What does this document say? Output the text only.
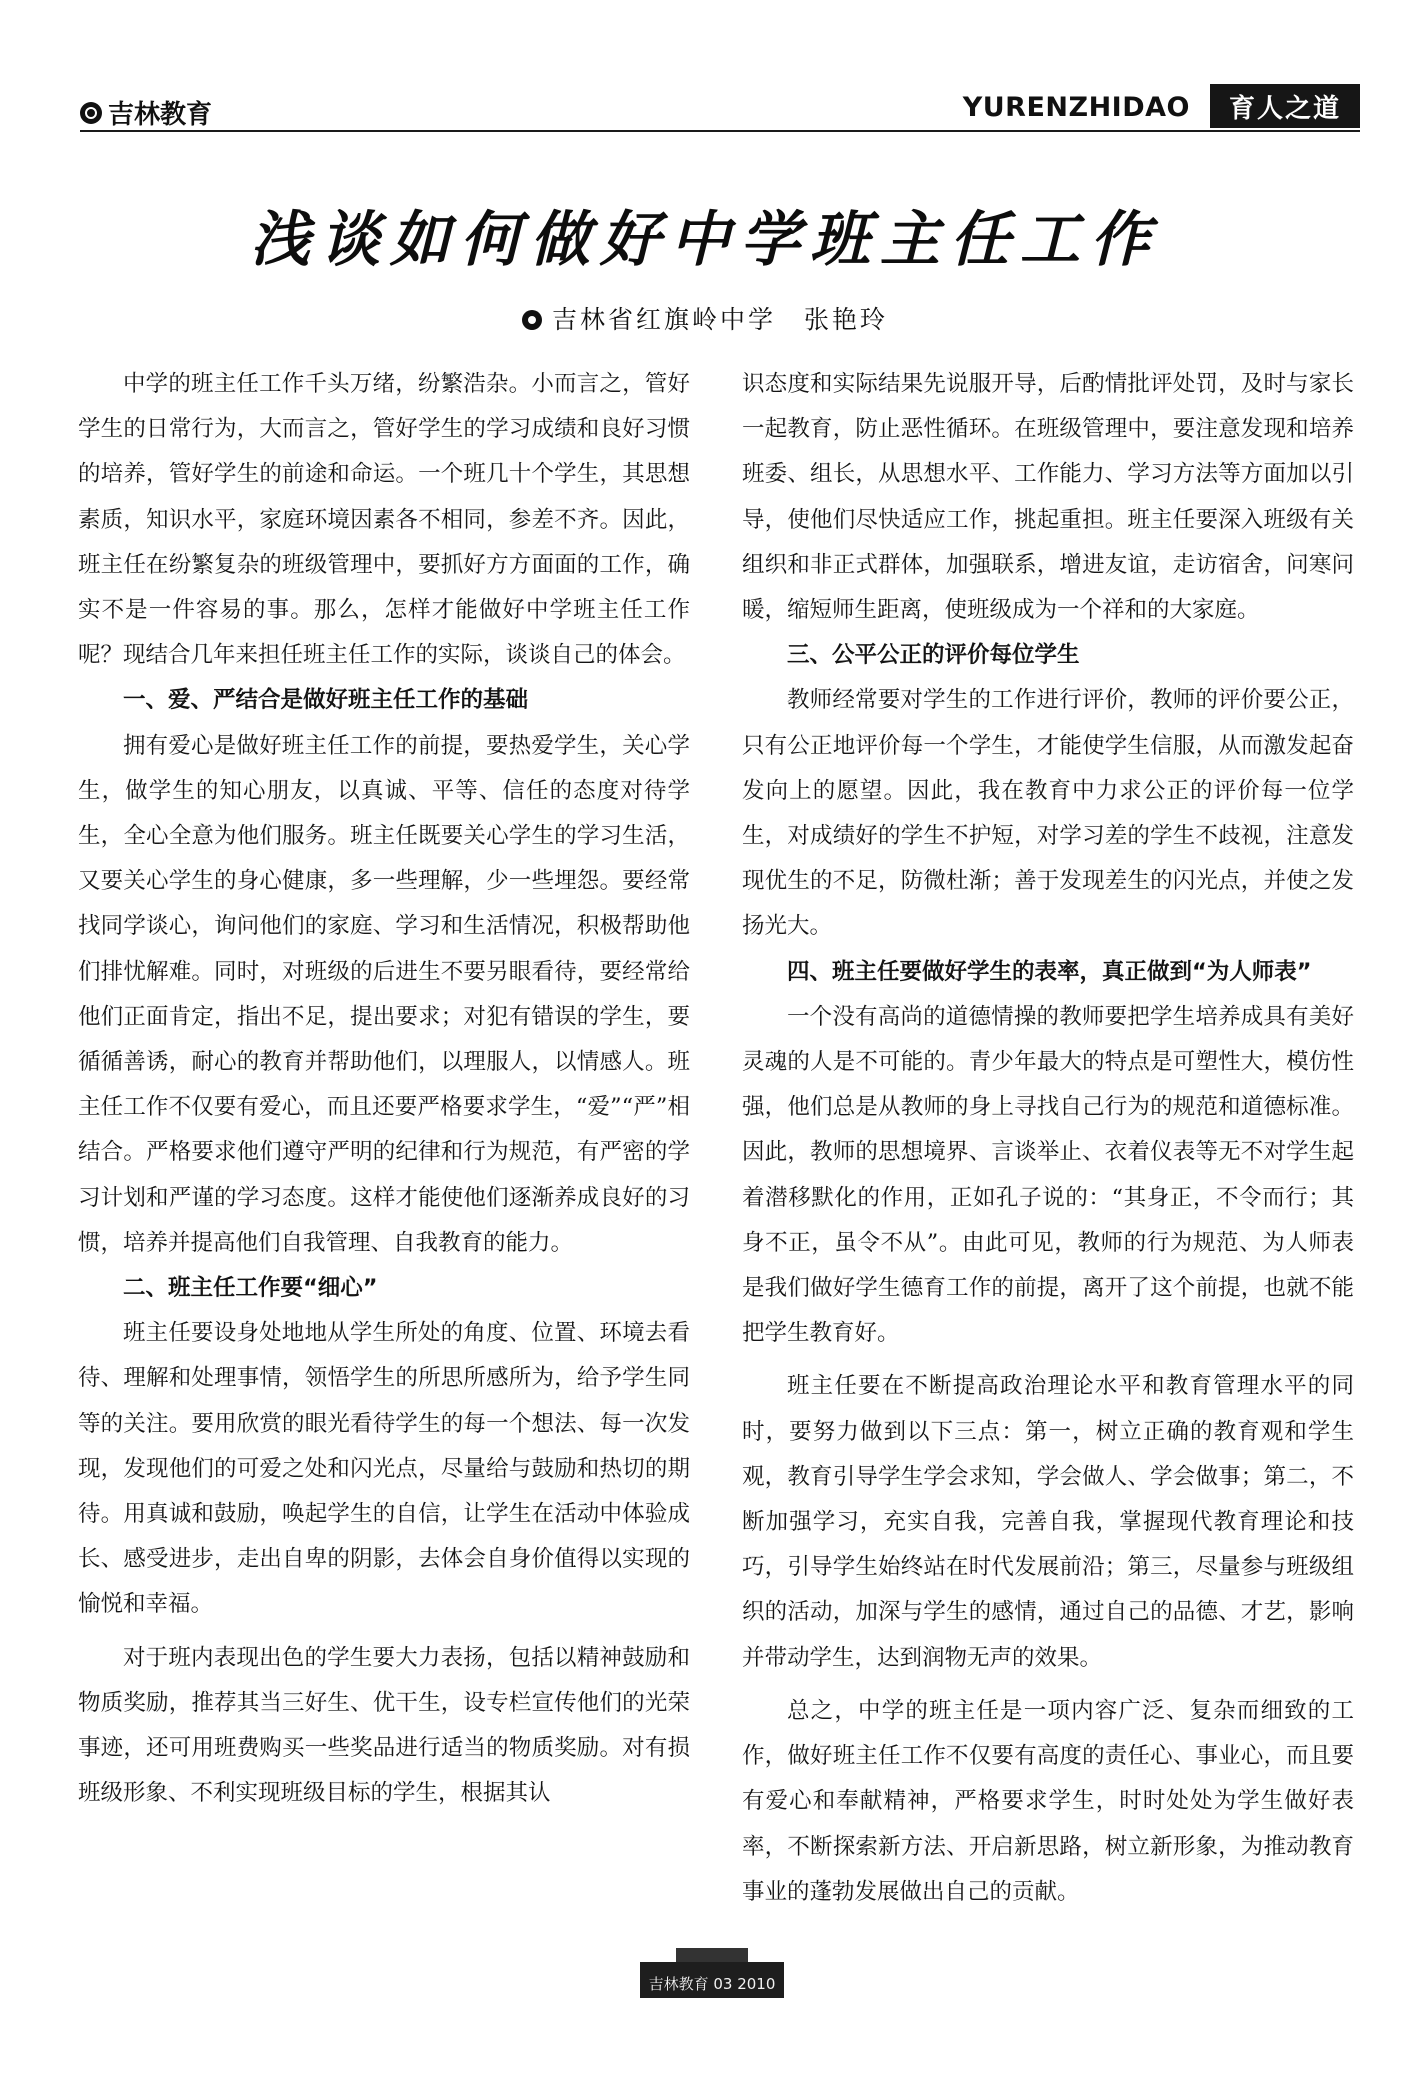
吉林教育	YURENZHIDAO	育人之道
浅谈如何做好中学班主任工作
吉林省红旗岭中学 张艳玲

中学的班主任工作千头万绪，纷繁浩杂。小而言之，管好学生的日常行为，大而言之，管好学生的学习成绩和良好习惯的培养，管好学生的前途和命运。一个班几十个学生，其思想素质，知识水平，家庭环境因素各不相同，参差不齐。因此，班主任在纷繁复杂的班级管理中，要抓好方方面面的工作，确实不是一件容易的事。那么，怎样才能做好中学班主任工作呢？现结合几年来担任班主任工作的实际，谈谈自己的体会。

一、爱、严结合是做好班主任工作的基础

拥有爱心是做好班主任工作的前提，要热爱学生，关心学生，做学生的知心朋友，以真诚、平等、信任的态度对待学生，全心全意为他们服务。班主任既要关心学生的学习生活，又要关心学生的身心健康，多一些理解，少一些埋怨。要经常找同学谈心，询问他们的家庭、学习和生活情况，积极帮助他们排忧解难。同时，对班级的后进生不要另眼看待，要经常给他们正面肯定，指出不足，提出要求；对犯有错误的学生，要循循善诱，耐心的教育并帮助他们，以理服人，以情感人。班主任工作不仅要有爱心，而且还要严格要求学生，“爱”“严”相结合。严格要求他们遵守严明的纪律和行为规范，有严密的学习计划和严谨的学习态度。这样才能使他们逐渐养成良好的习惯，培养并提高他们自我管理、自我教育的能力。

二、班主任工作要“细心”

班主任要设身处地地从学生所处的角度、位置、环境去看待、理解和处理事情，领悟学生的所思所感所为，给予学生同等的关注。要用欣赏的眼光看待学生的每一个想法、每一次发现，发现他们的可爱之处和闪光点，尽量给与鼓励和热切的期待。用真诚和鼓励，唤起学生的自信，让学生在活动中体验成长、感受进步，走出自卑的阴影，去体会自身价值得以实现的愉悦和幸福。

对于班内表现出色的学生要大力表扬，包括以精神鼓励和物质奖励，推荐其当三好生、优干生，设专栏宣传他们的光荣事迹，还可用班费购买一些奖品进行适当的物质奖励。对有损班级形象、不利实现班级目标的学生，根据其认

识态度和实际结果先说服开导，后酌情批评处罚，及时与家长一起教育，防止恶性循环。在班级管理中，要注意发现和培养班委、组长，从思想水平、工作能力、学习方法等方面加以引导，使他们尽快适应工作，挑起重担。班主任要深入班级有关组织和非正式群体，加强联系，增进友谊，走访宿舍，问寒问暖，缩短师生距离，使班级成为一个祥和的大家庭。

三、公平公正的评价每位学生

教师经常要对学生的工作进行评价，教师的评价要公正，只有公正地评价每一个学生，才能使学生信服，从而激发起奋发向上的愿望。因此，我在教育中力求公正的评价每一位学生，对成绩好的学生不护短，对学习差的学生不歧视，注意发现优生的不足，防微杜渐；善于发现差生的闪光点，并使之发扬光大。

四、班主任要做好学生的表率，真正做到“为人师表”

一个没有高尚的道德情操的教师要把学生培养成具有美好灵魂的人是不可能的。青少年最大的特点是可塑性大，模仿性强，他们总是从教师的身上寻找自己行为的规范和道德标准。因此，教师的思想境界、言谈举止、衣着仪表等无不对学生起着潜移默化的作用，正如孔子说的：“其身正，不令而行；其身不正，虽令不从”。由此可见，教师的行为规范、为人师表是我们做好学生德育工作的前提，离开了这个前提，也就不能把学生教育好。

班主任要在不断提高政治理论水平和教育管理水平的同时，要努力做到以下三点：第一，树立正确的教育观和学生观，教育引导学生学会求知，学会做人、学会做事；第二，不断加强学习，充实自我，完善自我，掌握现代教育理论和技巧，引导学生始终站在时代发展前沿；第三，尽量参与班级组织的活动，加深与学生的感情，通过自己的品德、才艺，影响并带动学生，达到润物无声的效果。

总之，中学的班主任是一项内容广泛、复杂而细致的工作，做好班主任工作不仅要有高度的责任心、事业心，而且要有爱心和奉献精神，严格要求学生，时时处处为学生做好表率，不断探索新方法、开启新思路，树立新形象，为推动教育事业的蓬勃发展做出自己的贡献。

吉林教育 03 2010
